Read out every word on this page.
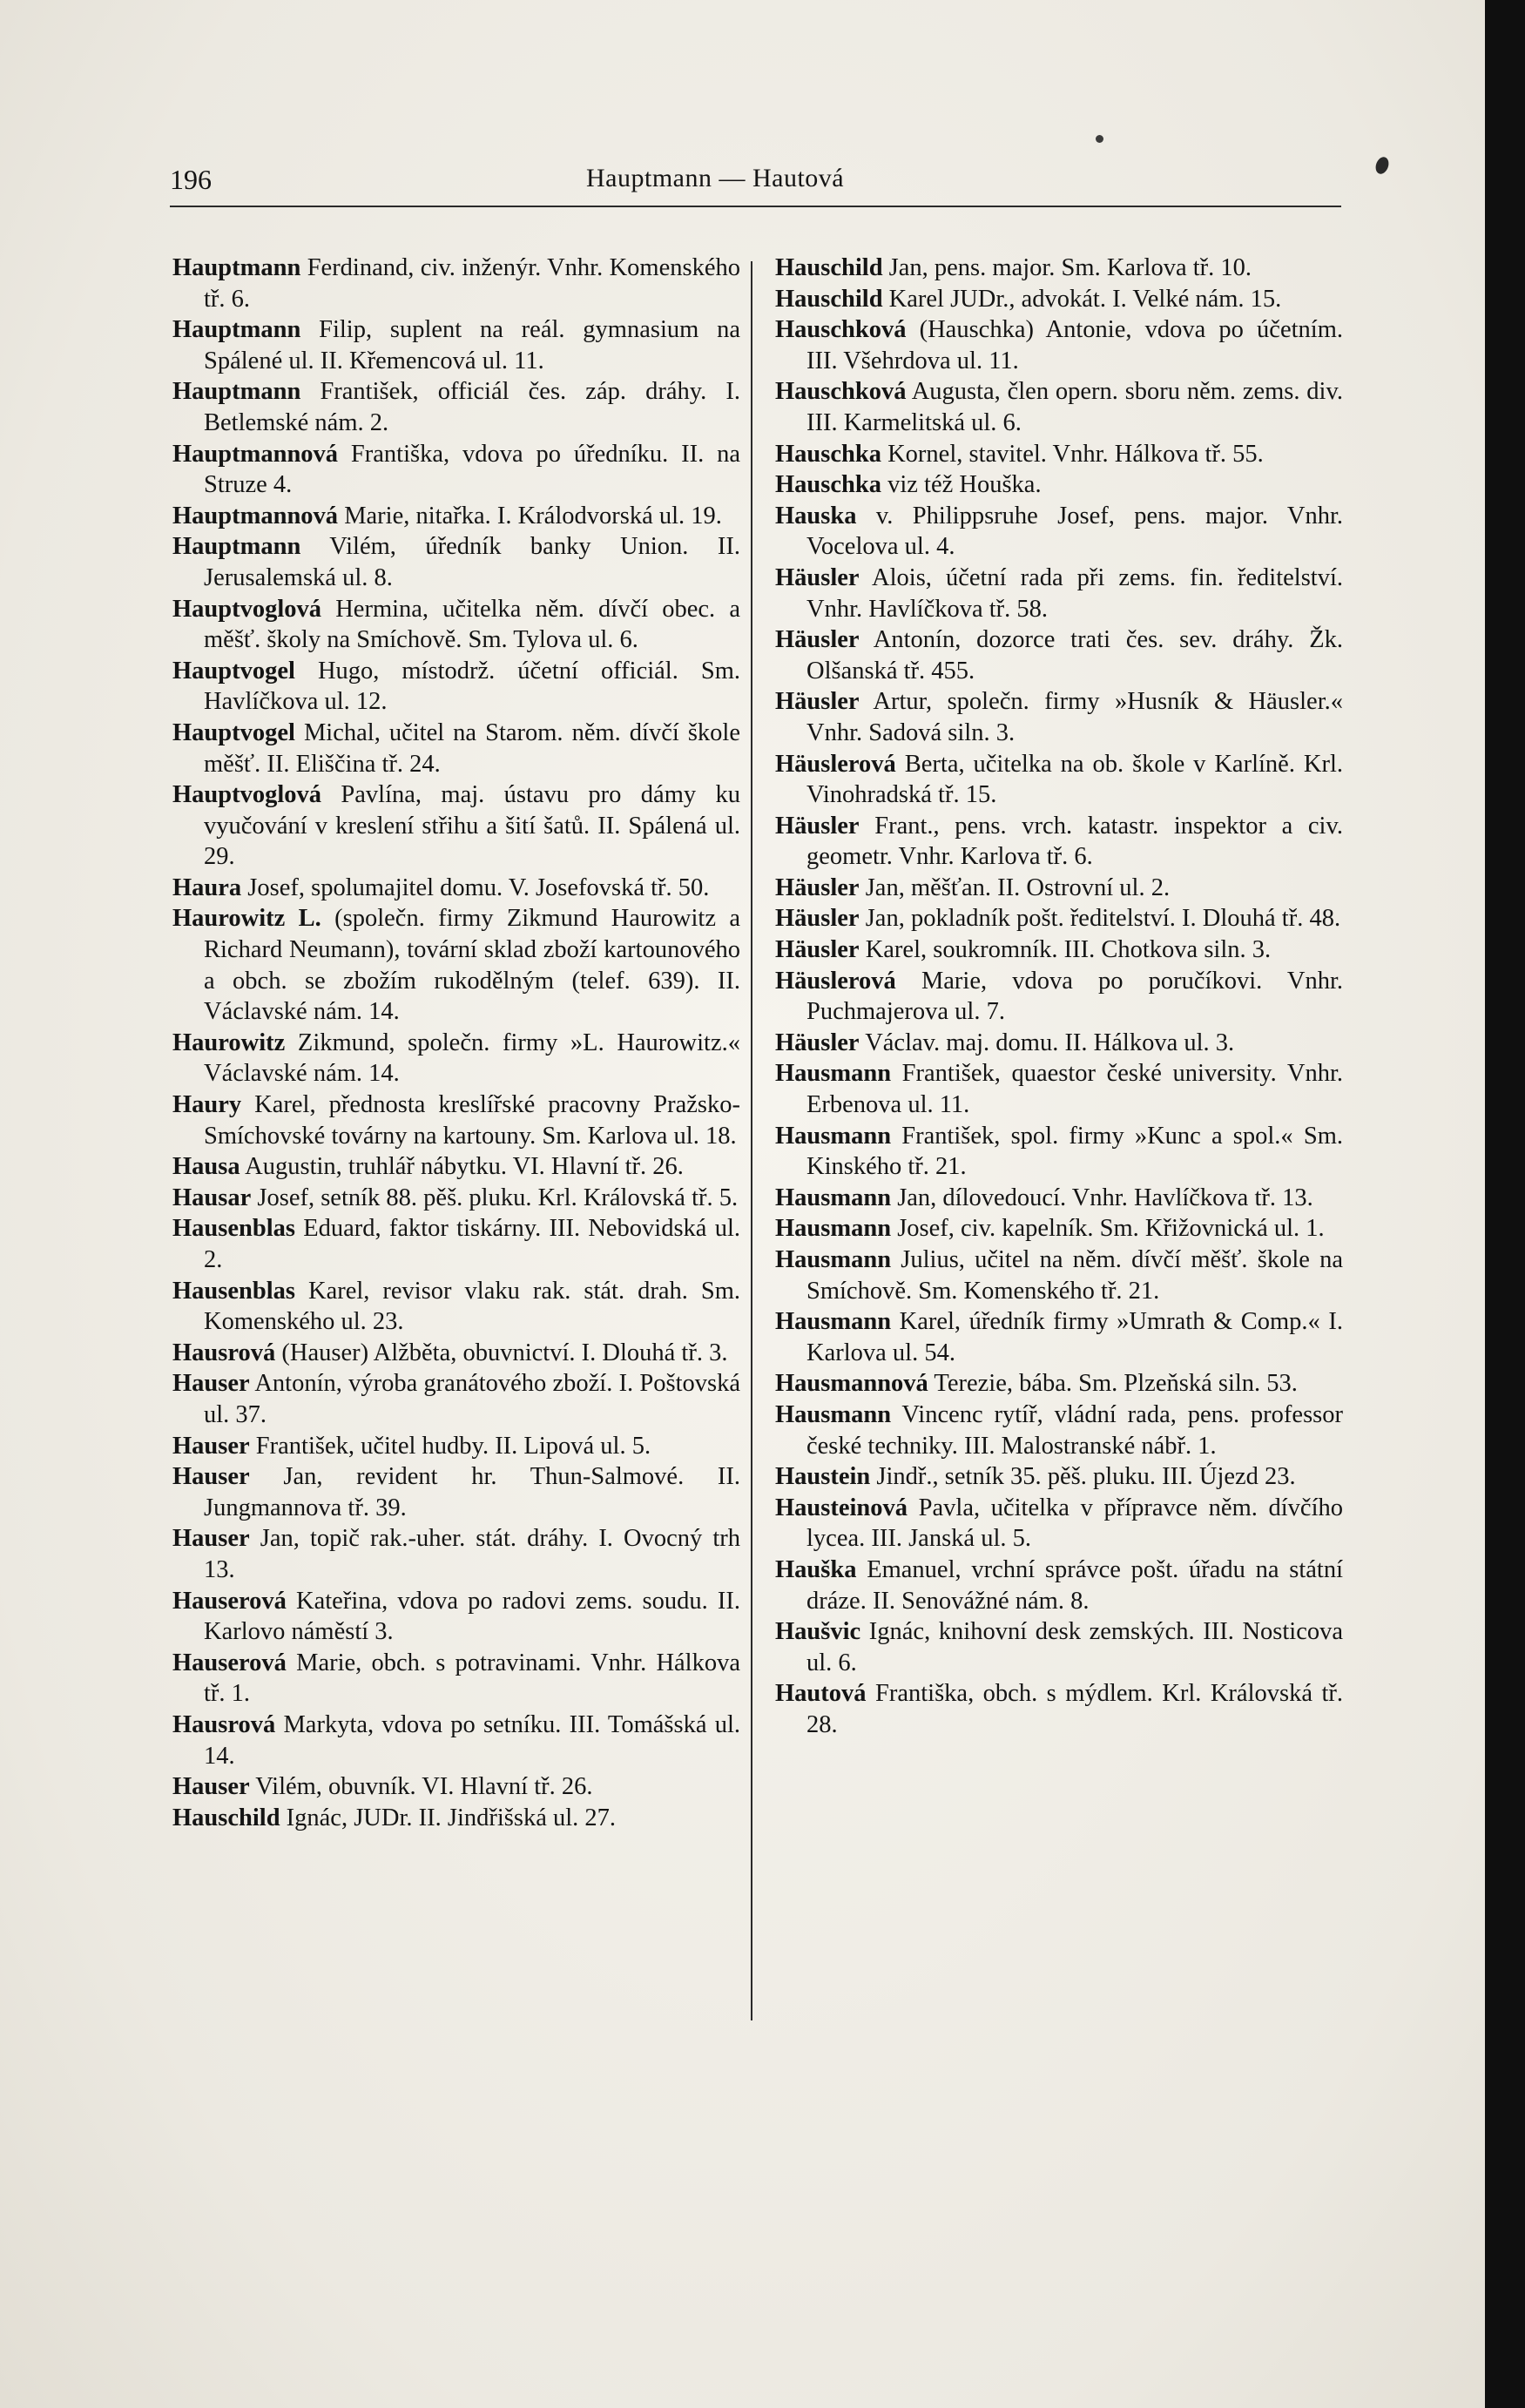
196	Hauptmann — Hautová

Hauptmann Ferdinand, civ. inženýr. Vnhr. Komenského tř. 6.

Hauptmann Filip, suplent na reál. gymnasium na Spálené ul. II. Křemencová ul. 11.

Hauptmann František, officiál čes. záp. dráhy. I. Betlemské nám. 2.

Hauptmannová Františka, vdova po úředníku. II. na Struze 4.

Hauptmannová Marie, nitařka. I. Králodvorská ul. 19.

Hauptmann Vilém, úředník banky Union. II. Jerusalemská ul. 8.

Hauptvoglová Hermina, učitelka něm. dívčí obec. a měšť. školy na Smíchově. Sm. Tylova ul. 6.

Hauptvogel Hugo, místodrž. účetní officiál. Sm. Havlíčkova ul. 12.

Hauptvogel Michal, učitel na Starom. něm. dívčí škole měšť. II. Eliščina tř. 24.

Hauptvoglová Pavlína, maj. ústavu pro dámy ku vyučování v kreslení střihu a šití šatů. II. Spálená ul. 29.

Haura Josef, spolumajitel domu. V. Josefovská tř. 50.

Haurowitz L. (společn. firmy Zikmund Haurowitz a Richard Neumann), tovární sklad zboží kartounového a obch. se zbožím rukodělným (telef. 639). II. Václavské nám. 14.

Haurowitz Zikmund, společn. firmy »L. Haurowitz.« Václavské nám. 14.

Haury Karel, přednosta kreslířské pracovny Pražsko-Smíchovské továrny na kartouny. Sm. Karlova ul. 18.

Hausa Augustin, truhlář nábytku. VI. Hlavní tř. 26.

Hausar Josef, setník 88. pěš. pluku. Krl. Královská tř. 5.

Hausenblas Eduard, faktor tiskárny. III. Nebovidská ul. 2.

Hausenblas Karel, revisor vlaku rak. stát. drah. Sm. Komenského ul. 23.

Hausrová (Hauser) Alžběta, obuvnictví. I. Dlouhá tř. 3.

Hauser Antonín, výroba granátového zboží. I. Poštovská ul. 37.

Hauser František, učitel hudby. II. Lipová ul. 5.

Hauser Jan, revident hr. Thun-Salmové. II. Jungmannova tř. 39.

Hauser Jan, topič rak.-uher. stát. dráhy. I. Ovocný trh 13.

Hauserová Kateřina, vdova po radovi zems. soudu. II. Karlovo náměstí 3.

Hauserová Marie, obch. s potravinami. Vnhr. Hálkova tř. 1.

Hausrová Markyta, vdova po setníku. III. Tomášská ul. 14.

Hauser Vilém, obuvník. VI. Hlavní tř. 26.

Hauschild Ignác, JUDr. II. Jindřišská ul. 27.

Hauschild Jan, pens. major. Sm. Karlova tř. 10.

Hauschild Karel JUDr., advokát. I. Velké nám. 15.

Hauschková (Hauschka) Antonie, vdova po účetním. III. Všehrdova ul. 11.

Hauschková Augusta, člen opern. sboru něm. zems. div. III. Karmelitská ul. 6.

Hauschka Kornel, stavitel. Vnhr. Hálkova tř. 55.

Hauschka viz též Houška.

Hauska v. Philippsruhe Josef, pens. major. Vnhr. Vocelova ul. 4.

Häusler Alois, účetní rada při zems. fin. ředitelství. Vnhr. Havlíčkova tř. 58.

Häusler Antonín, dozorce trati čes. sev. dráhy. Žk. Olšanská tř. 455.

Häusler Artur, společn. firmy »Husník & Häusler.« Vnhr. Sadová siln. 3.

Häuslerová Berta, učitelka na ob. škole v Karlíně. Krl. Vinohradská tř. 15.

Häusler Frant., pens. vrch. katastr. inspektor a civ. geometr. Vnhr. Karlova tř. 6.

Häusler Jan, měšťan. II. Ostrovní ul. 2.

Häusler Jan, pokladník pošt. ředitelství. I. Dlouhá tř. 48.

Häusler Karel, soukromník. III. Chotkova siln. 3.

Häuslerová Marie, vdova po poručíkovi. Vnhr. Puchmajerova ul. 7.

Häusler Václav. maj. domu. II. Hálkova ul. 3.

Hausmann František, quaestor české university. Vnhr. Erbenova ul. 11.

Hausmann František, spol. firmy »Kunc a spol.« Sm. Kinského tř. 21.

Hausmann Jan, dílovedoucí. Vnhr. Havlíčkova tř. 13.

Hausmann Josef, civ. kapelník. Sm. Křižovnická ul. 1.

Hausmann Julius, učitel na něm. dívčí měšť. škole na Smíchově. Sm. Komenského tř. 21.

Hausmann Karel, úředník firmy »Umrath & Comp.« I. Karlova ul. 54.

Hausmannová Terezie, bába. Sm. Plzeňská siln. 53.

Hausmann Vincenc rytíř, vládní rada, pens. professor české techniky. III. Malostranské nábř. 1.

Haustein Jindř., setník 35. pěš. pluku. III. Újezd 23.

Hausteinová Pavla, učitelka v přípravce něm. dívčího lycea. III. Janská ul. 5.

Hauška Emanuel, vrchní správce pošt. úřadu na státní dráze. II. Senovážné nám. 8.

Haušvic Ignác, knihovní desk zemských. III. Nosticova ul. 6.

Hautová Františka, obch. s mýdlem. Krl. Královská tř. 28.
